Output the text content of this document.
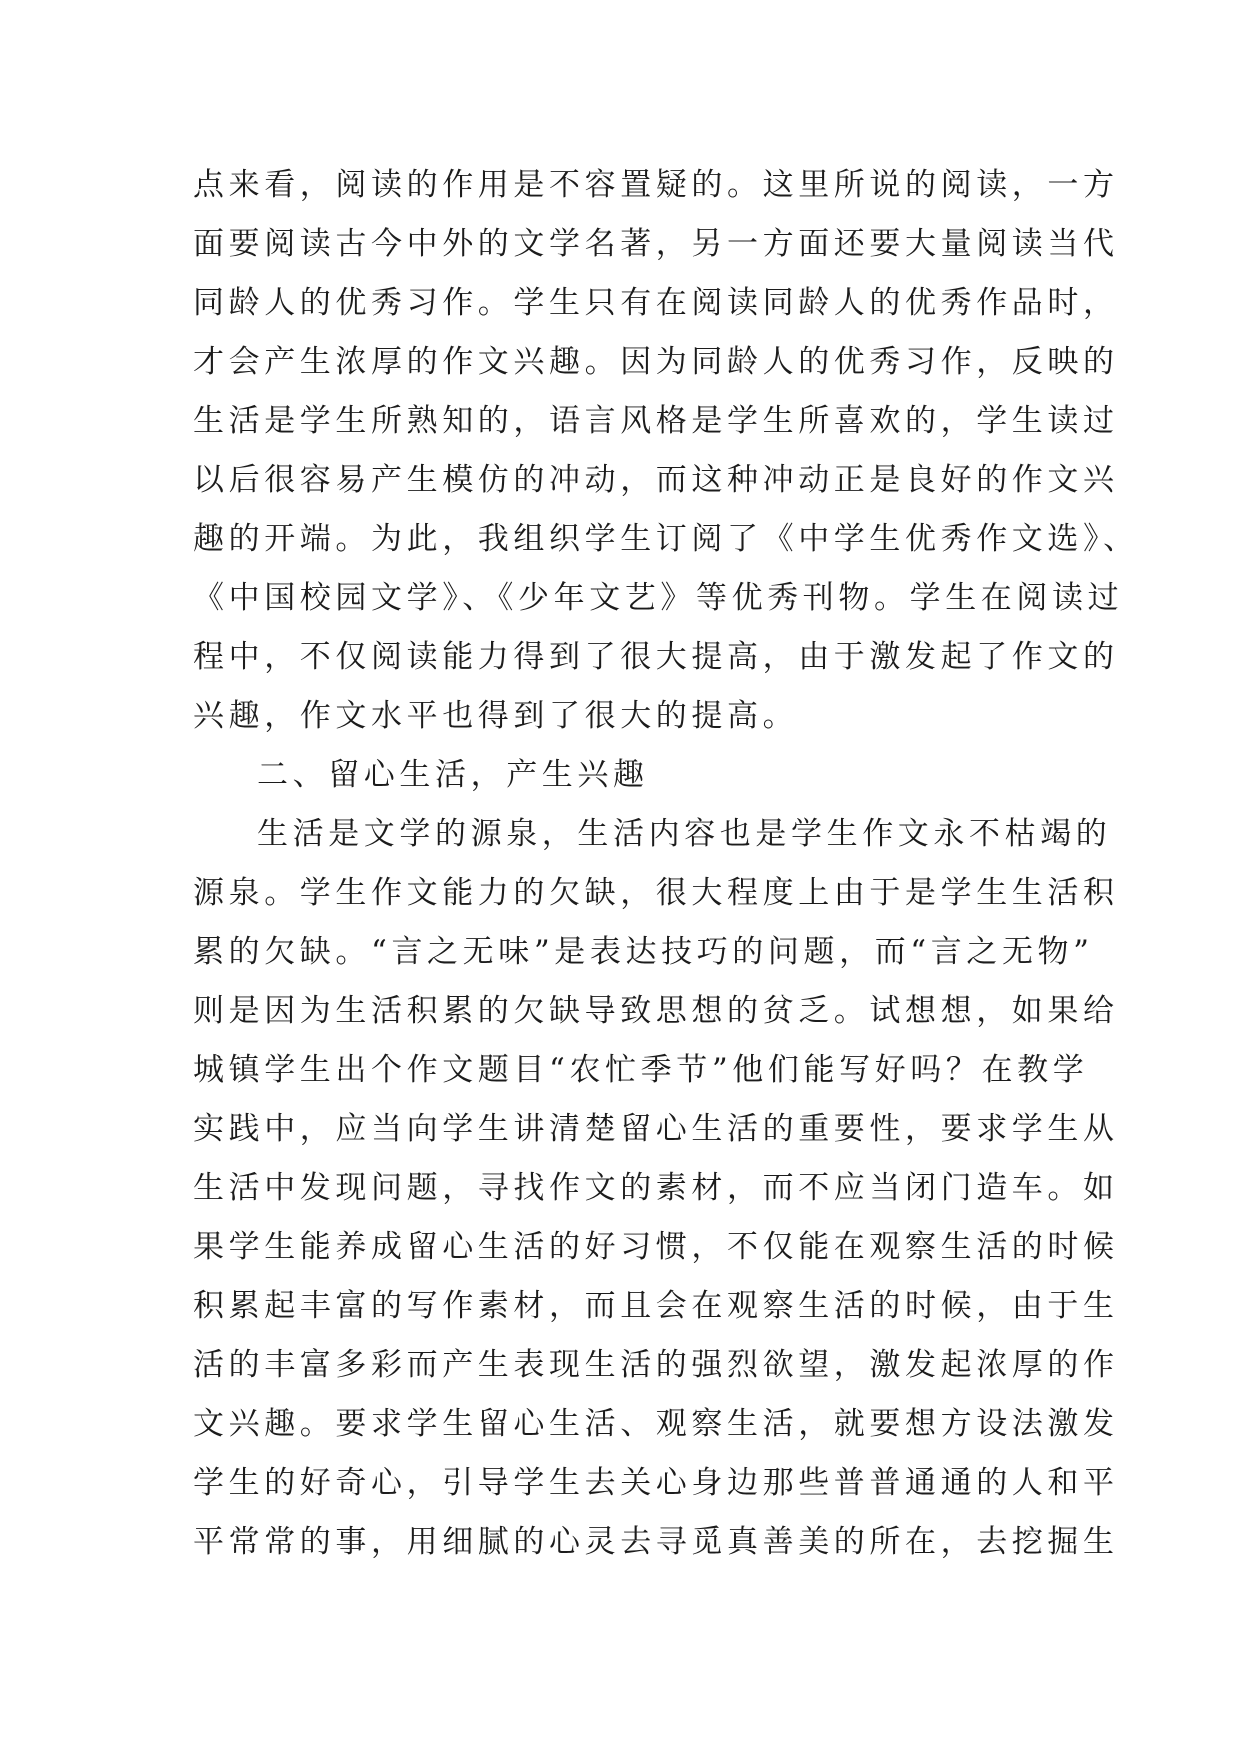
点来看，阅读的作用是不容置疑的。这里所说的阅读，一方
面要阅读古今中外的文学名著，另一方面还要大量阅读当代
同龄人的优秀习作。学生只有在阅读同龄人的优秀作品时，
才会产生浓厚的作文兴趣。因为同龄人的优秀习作，反映的
生活是学生所熟知的，语言风格是学生所喜欢的，学生读过
以后很容易产生模仿的冲动，而这种冲动正是良好的作文兴
趣的开端。为此，我组织学生订阅了《中学生优秀作文选》、
《中国校园文学》、《少年文艺》等优秀刊物。学生在阅读过
程中，不仅阅读能力得到了很大提高，由于激发起了作文的
兴趣，作文水平也得到了很大的提高。
二、留心生活，产生兴趣
生活是文学的源泉，生活内容也是学生作文永不枯竭的
源泉。学生作文能力的欠缺，很大程度上由于是学生生活积
累的欠缺。“言之无味”是表达技巧的问题，而“言之无物”
则是因为生活积累的欠缺导致思想的贫乏。试想想，如果给
城镇学生出个作文题目“农忙季节”他们能写好吗？在教学
实践中，应当向学生讲清楚留心生活的重要性，要求学生从
生活中发现问题，寻找作文的素材，而不应当闭门造车。如
果学生能养成留心生活的好习惯，不仅能在观察生活的时候
积累起丰富的写作素材，而且会在观察生活的时候，由于生
活的丰富多彩而产生表现生活的强烈欲望，激发起浓厚的作
文兴趣。要求学生留心生活、观察生活，就要想方设法激发
学生的好奇心，引导学生去关心身边那些普普通通的人和平
平常常的事，用细腻的心灵去寻觅真善美的所在，去挖掘生
